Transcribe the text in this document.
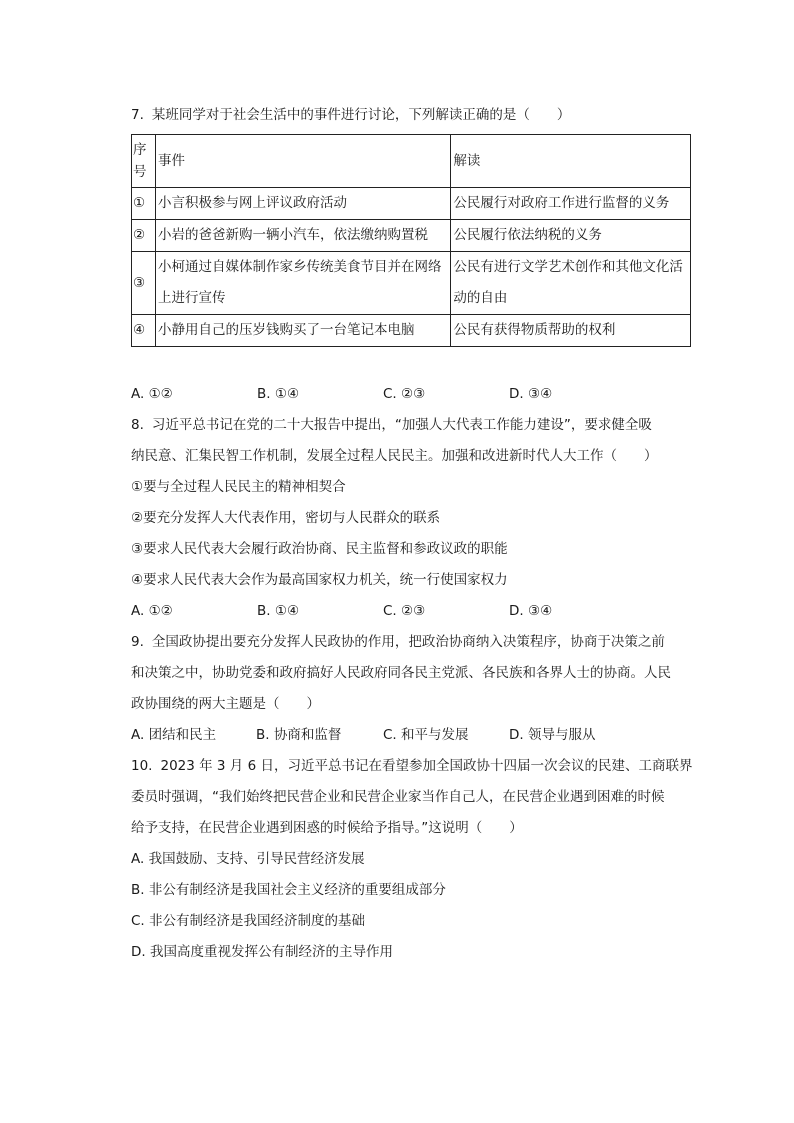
7. 某班同学对于社会生活中的事件进行讨论，下列解读正确的是（　　）
序号	事件	解读
①	小言积极参与网上评议政府活动	公民履行对政府工作进行监督的义务
②	小岩的爸爸新购一辆小汽车，依法缴纳购置税	公民履行依法纳税的义务
③	小柯通过自媒体制作家乡传统美食节目并在网络上进行宣传	公民有进行文学艺术创作和其他文化活动的自由
④	小静用自己的压岁钱购买了一台笔记本电脑	公民有获得物质帮助的权利
A. ①②	B. ①④	C. ②③	D. ③④
8. 习近平总书记在党的二十大报告中提出，“加强人大代表工作能力建设”，要求健全吸
纳民意、汇集民智工作机制，发展全过程人民民主。加强和改进新时代人大工作（　　）
①要与全过程人民民主的精神相契合
②要充分发挥人大代表作用，密切与人民群众的联系
③要求人民代表大会履行政治协商、民主监督和参政议政的职能
④要求人民代表大会作为最高国家权力机关，统一行使国家权力
A. ①②	B. ①④	C. ②③	D. ③④
9. 全国政协提出要充分发挥人民政协的作用，把政治协商纳入决策程序，协商于决策之前
和决策之中，协助党委和政府搞好人民政府同各民主党派、各民族和各界人士的协商。人民
政协围绕的两大主题是（　　）
A. 团结和民主	B. 协商和监督	C. 和平与发展	D. 领导与服从
10. 2023 年 3 月 6 日，习近平总书记在看望参加全国政协十四届一次会议的民建、工商联界
委员时强调，“我们始终把民营企业和民营企业家当作自己人，在民营企业遇到困难的时候
给予支持，在民营企业遇到困惑的时候给予指导。”这说明（　　）
A. 我国鼓励、支持、引导民营经济发展
B. 非公有制经济是我国社会主义经济的重要组成部分
C. 非公有制经济是我国经济制度的基础
D. 我国高度重视发挥公有制经济的主导作用
